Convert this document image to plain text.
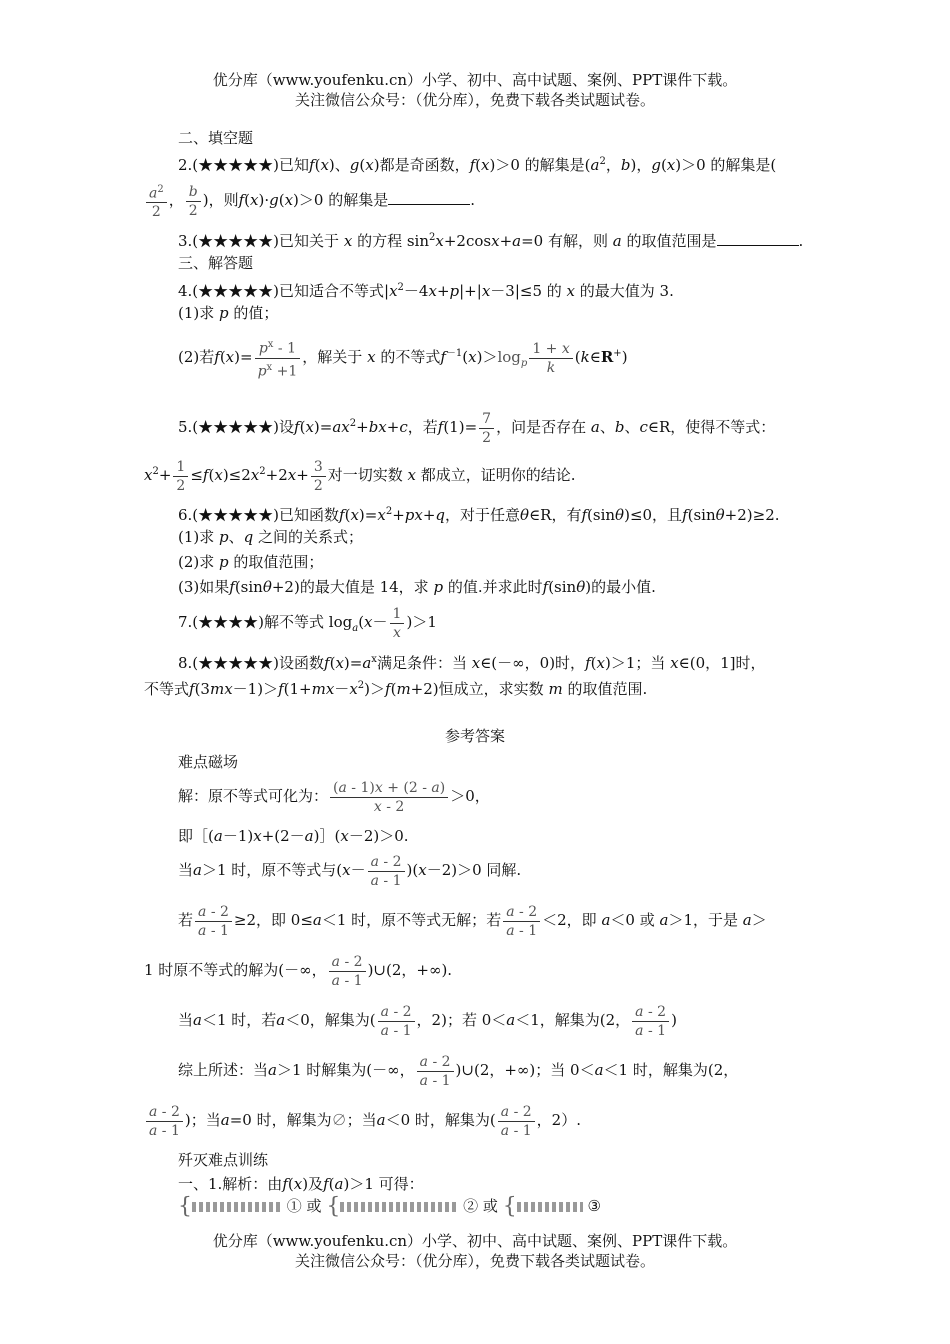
优分库（www.youfenku.cn）小学、初中、高中试题、案例、PPT课件下载。
关注微信公众号：（优分库），免费下载各类试题试卷。
二、填空题
2.(★★★★★)已知f(x)、g(x)都是奇函数，f(x)＞0 的解集是($a^2$，b)，g(x)＞0 的解集是(
$\frac{a^2}{2}$ ， $\frac{b}{2}$ )，则f(x)·g(x)＞0 的解集是	.
3.(★★★★★)已知关于 x 的方程 $\sin^2x+2\cos x+a=0$ 有解，则 a 的取值范围是	.
三、解答题
4.(★★★★★)已知适合不等式$|x^2-4x+p|+|x-3|\le 5$ 的 x 的最大值为 3.
(1)求 p 的值；
(2)若$f(x)= \frac{p^x - 1}{p^x +1}$ ，解关于 x 的不等式$f^{-1}(x)>\log_p \frac{1 + x}{k}$ (k∈R+)
5.(★★★★★)设$f(x)=ax^2+bx+c$，若$f(1)= \frac{7}{2}$ ，问是否存在 a、b、c∈R，使得不等式：
$x^2+ \frac{1}{2} \le f(x)\le 2x^2+2x+ \frac{3}{2}$ 对一切实数 x 都成立，证明你的结论.
6.(★★★★★)已知函数$f(x)=x^2+px+q$，对于任意θ∈R，有f(sinθ)≤0，且f(sinθ+2)≥2.
(1)求 p、q 之间的关系式；
(2)求 p 的取值范围；
(3)如果f(sinθ+2)的最大值是 14，求 p 的值.并求此时f(sinθ)的最小值.
7.(★★★★)解不等式 $\log_a(x- \frac{1}{x} )>1$
8.(★★★★★)设函数$f(x)=a^x$满足条件：当 x∈(－∞，0)时，f(x)＞1；当 x∈(0，1]时，
不等式$f(3mx-1)>f(1+mx-x^2)>f(m+2)$恒成立，求实数 m 的取值范围.
参考答案
难点磁场
解：原不等式可化为： $\frac{(a - 1)x + (2 - a)}{x - 2} >0$，
即［(a－1)x+(2－a)］(x－2)＞0.
当a＞1 时，原不等式与$(x- \frac{a - 2}{a - 1} )(x-2)>0$ 同解.
若 $\frac{a - 2}{a - 1} \ge 2$，即 0≤a＜1 时，原不等式无解；若 $\frac{a - 2}{a - 1} <2$，即 a＜0 或 a＞1，于是 a＞
1 时原不等式的解为(－∞， $\frac{a - 2}{a - 1}$ )∪(2，+∞).
当a＜1 时，若a＜0，解集为( $\frac{a - 2}{a - 1}$ ，2)；若 0＜a＜1，解集为(2， $\frac{a - 2}{a - 1}$ )
综上所述：当a＞1 时解集为(－∞， $\frac{a - 2}{a - 1}$ )∪(2，+∞)；当 0＜a＜1 时，解集为(2，
$\frac{a - 2}{a - 1}$ )；当a=0 时，解集为∅；当a＜0 时，解集为( $\frac{a - 2}{a - 1}$ ，2）.
歼灭难点训练
一、1.解析：由f(x)及f(a)＞1 可得：
{	① 或 {	② 或 {	③
优分库（www.youfenku.cn）小学、初中、高中试题、案例、PPT课件下载。
关注微信公众号：（优分库），免费下载各类试题试卷。
